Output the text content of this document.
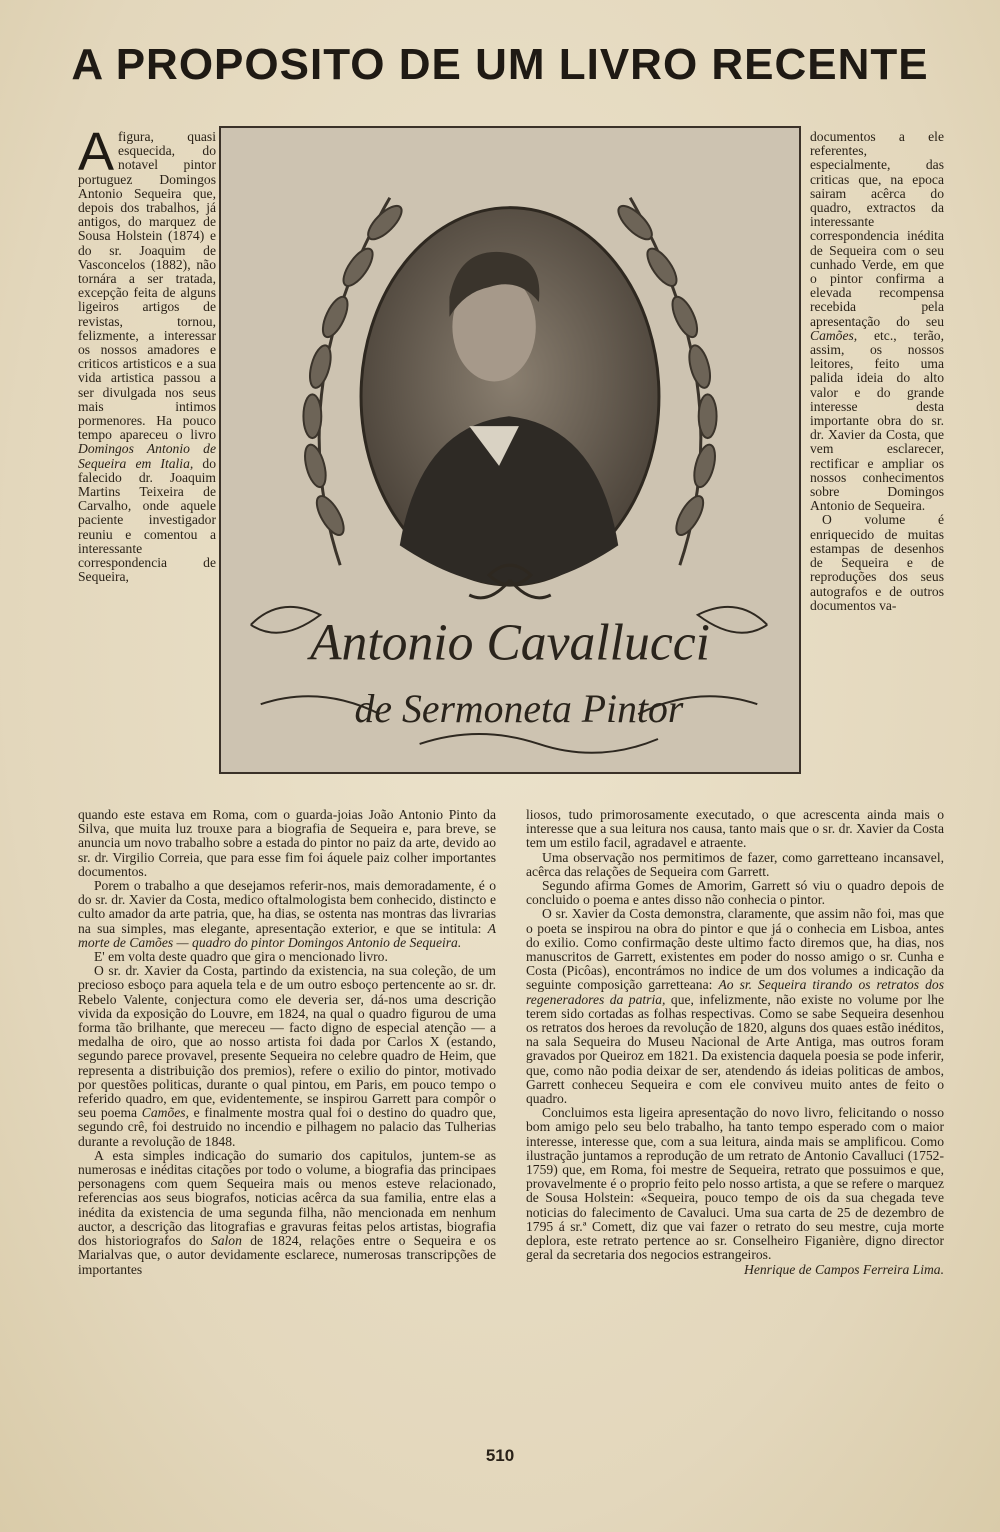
A PROPOSITO DE UM LIVRO RECENTE
A figura, quasi esquecida, do notavel pintor portuguez Domingos Antonio Sequeira que, depois dos trabalhos, já antigos, do marquez de Sousa Holstein (1874) e do sr. Joaquim de Vasconcelos (1882), não tornára a ser tratada, excepção feita de alguns ligeiros artigos de revistas, tornou, felizmente, a interessar os nossos amadores e criticos artisticos e a sua vida artistica passou a ser divulgada nos seus mais intimos pormenores. Ha pouco tempo apareceu o livro Domingos Antonio de Sequeira em Italia, do falecido dr. Joaquim Martins Teixeira de Carvalho, onde aquele paciente investigador reuniu e comentou a interessante correspondencia de Sequeira,

Antonio Cavallucci
de Sermoneta Pintor

documentos a ele referentes, especialmente, das criticas que, na epoca sairam acêrca do quadro, extractos da interessante correspondencia inédita de Sequeira com o seu cunhado Verde, em que o pintor confirma a elevada recompensa recebida pela apresentação do seu Camões, etc., terão, assim, os nossos leitores, feito uma palida ideia do alto valor e do grande interesse desta importante obra do sr. dr. Xavier da Costa, que vem esclarecer, rectificar e ampliar os nossos conhecimentos sobre Domingos Antonio de Sequeira.

O volume é enriquecido de muitas estampas de desenhos de Sequeira e de reproduções dos seus autografos e de outros documentos va-

quando este estava em Roma, com o guarda-joias João Antonio Pinto da Silva, que muita luz trouxe para a biografia de Sequeira e, para breve, se anuncia um novo trabalho sobre a estada do pintor no paiz da arte, devido ao sr. dr. Virgilio Correia, que para esse fim foi áquele paiz colher importantes documentos.

Porem o trabalho a que desejamos referir-nos, mais demoradamente, é o do sr. dr. Xavier da Costa, medico oftalmologista bem conhecido, distincto e culto amador da arte patria, que, ha dias, se ostenta nas montras das livrarias na sua simples, mas elegante, apresentação exterior, e que se intitula: A morte de Camões — quadro do pintor Domingos Antonio de Sequeira.

E' em volta deste quadro que gira o mencionado livro.

O sr. dr. Xavier da Costa, partindo da existencia, na sua coleção, de um precioso esboço para aquela tela e de um outro esboço pertencente ao sr. dr. Rebelo Valente, conjectura como ele deveria ser, dá-nos uma descrição vivida da exposição do Louvre, em 1824, na qual o quadro figurou de uma forma tão brilhante, que mereceu — facto digno de especial atenção — a medalha de oiro, que ao nosso artista foi dada por Carlos X (estando, segundo parece provavel, presente Sequeira no celebre quadro de Heim, que representa a distribuição dos premios), refere o exilio do pintor, motivado por questões politicas, durante o qual pintou, em Paris, em pouco tempo o referido quadro, em que, evidentemente, se inspirou Garrett para compôr o seu poema Camões, e finalmente mostra qual foi o destino do quadro que, segundo crê, foi destruido no incendio e pilhagem no palacio das Tulherias durante a revolução de 1848.

A esta simples indicação do sumario dos capitulos, juntem-se as numerosas e inéditas citações por todo o volume, a biografia das principaes personagens com quem Sequeira mais ou menos esteve relacionado, referencias aos seus biografos, noticias acêrca da sua familia, entre elas a inédita da existencia de uma segunda filha, não mencionada em nenhum auctor, a descrição das litografias e gravuras feitas pelos artistas, biografia dos historiografos do Salon de 1824, relações entre o Sequeira e os Marialvas que, o autor devidamente esclarece, numerosas transcripções de importantes

liosos, tudo primorosamente executado, o que acrescenta ainda mais o interesse que a sua leitura nos causa, tanto mais que o sr. dr. Xavier da Costa tem um estilo facil, agradavel e atraente.

Uma observação nos permitimos de fazer, como garretteano incansavel, acêrca das relações de Sequeira com Garrett.

Segundo afirma Gomes de Amorim, Garrett só viu o quadro depois de concluido o poema e antes disso não conhecia o pintor.

O sr. Xavier da Costa demonstra, claramente, que assim não foi, mas que o poeta se inspirou na obra do pintor e que já o conhecia em Lisboa, antes do exilio. Como confirmação deste ultimo facto diremos que, ha dias, nos manuscritos de Garrett, existentes em poder do nosso amigo o sr. Cunha e Costa (Picôas), encontrámos no indice de um dos volumes a indicação da seguinte composição garretteana: Ao sr. Sequeira tirando os retratos dos regeneradores da patria, que, infelizmente, não existe no volume por lhe terem sido cortadas as folhas respectivas. Como se sabe Sequeira desenhou os retratos dos heroes da revolução de 1820, alguns dos quaes estão inéditos, na sala Sequeira do Museu Nacional de Arte Antiga, mas outros foram gravados por Queiroz em 1821. Da existencia daquela poesia se pode inferir, que, como não podia deixar de ser, atendendo ás ideias politicas de ambos, Garrett conheceu Sequeira e com ele conviveu muito antes de feito o quadro.

Concluimos esta ligeira apresentação do novo livro, felicitando o nosso bom amigo pelo seu belo trabalho, ha tanto tempo esperado com o maior interesse, interesse que, com a sua leitura, ainda mais se amplificou. Como ilustração juntamos a reprodução de um retrato de Antonio Cavalluci (1752-1759) que, em Roma, foi mestre de Sequeira, retrato que possuimos e que, provavelmente é o proprio feito pelo nosso artista, a que se refere o marquez de Sousa Holstein: «Sequeira, pouco tempo de ois da sua chegada teve noticias do falecimento de Cavaluci. Uma sua carta de 25 de dezembro de 1795 á sr.ª Comett, diz que vai fazer o retrato do seu mestre, cuja morte deplora, este retrato pertence ao sr. Conselheiro Figanière, digno director geral da secretaria dos negocios estrangeiros.

Henrique de Campos Ferreira Lima.

510
